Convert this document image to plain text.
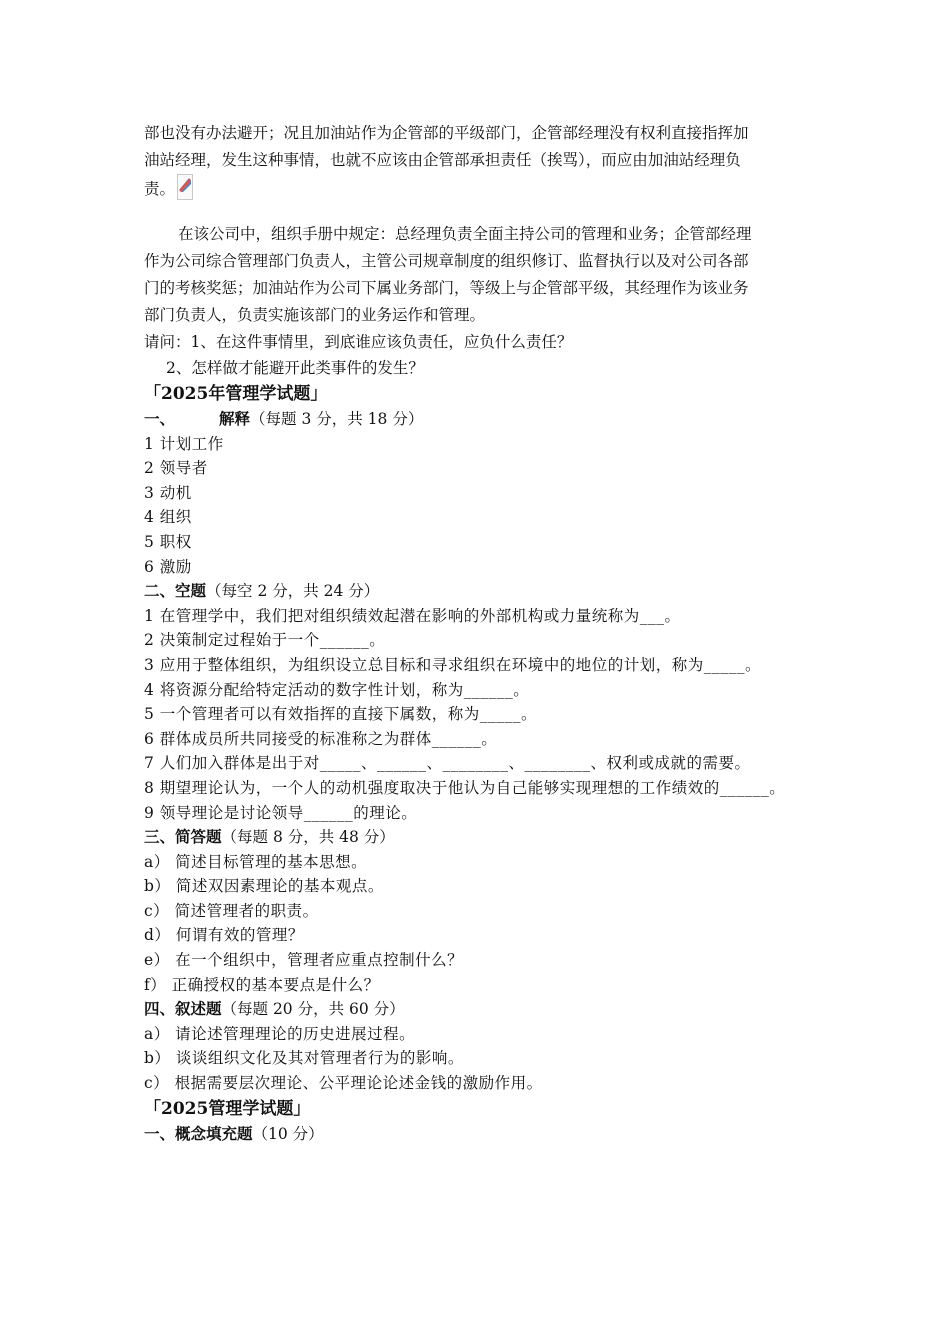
部也没有办法避开；况且加油站作为企管部的平级部门，企管部经理没有权利直接指挥加
油站经理，发生这种事情，也就不应该由企管部承担责任（挨骂），而应由加油站经理负
责。

在该公司中，组织手册中规定：总经理负责全面主持公司的管理和业务；企管部经理
作为公司综合管理部门负责人，主管公司规章制度的组织修订、监督执行以及对公司各部
门的考核奖惩；加油站作为公司下属业务部门，等级上与企管部平级，其经理作为该业务
部门负责人，负责实施该部门的业务运作和管理。

请问：1、在这件事情里，到底谁应该负责任，应负什么责任？
2、怎样做才能避开此类事件的发生？
「2025年管理学试题」
一、	解释（每题 3 分，共 18 分）
1 计划工作
2 领导者
3 动机
4 组织
5 职权
6 激励
二、空题（每空 2 分，共 24 分）
1 在管理学中，我们把对组织绩效起潜在影响的外部机构或力量统称为___。
2 决策制定过程始于一个______。
3 应用于整体组织，为组织设立总目标和寻求组织在环境中的地位的计划，称为_____。
4 将资源分配给特定活动的数字性计划，称为______。
5 一个管理者可以有效指挥的直接下属数，称为_____。
6 群体成员所共同接受的标准称之为群体______。
7 人们加入群体是出于对_____、______、________、________、权利或成就的需要。
8 期望理论认为，一个人的动机强度取决于他认为自己能够实现理想的工作绩效的______。
9 领导理论是讨论领导______的理论。
三、简答题（每题 8 分，共 48 分）
a） 简述目标管理的基本思想。
b） 简述双因素理论的基本观点。
c） 简述管理者的职责。
d） 何谓有效的管理？
e） 在一个组织中，管理者应重点控制什么？
f） 正确授权的基本要点是什么？
四、叙述题（每题 20 分，共 60 分）
a） 请论述管理理论的历史进展过程。
b） 谈谈组织文化及其对管理者行为的影响。
c） 根据需要层次理论、公平理论论述金钱的激励作用。
「2025管理学试题」
一、概念填充题（10 分）
